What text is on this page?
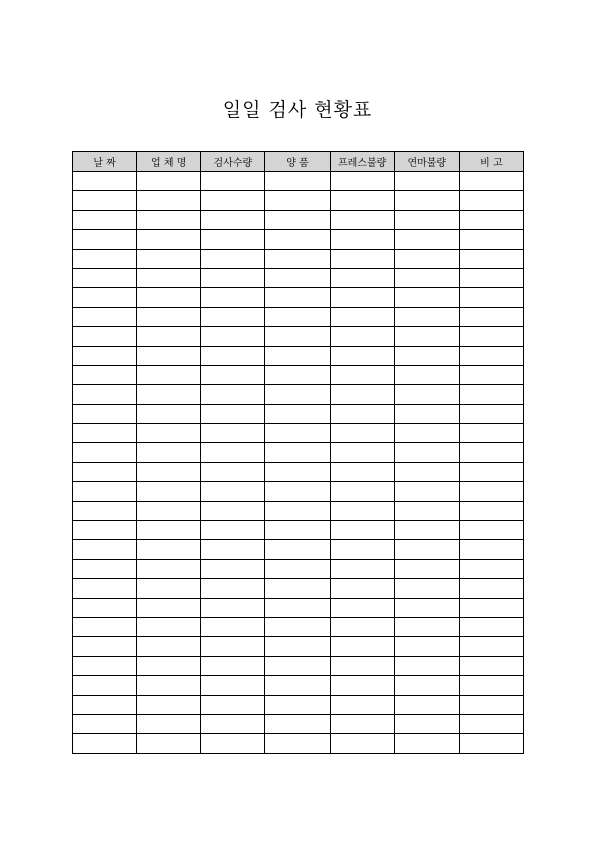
일일 검사 현황표
날 짜	업 체 명	검사수량	양 품	프레스불량	연마불량	비 고
